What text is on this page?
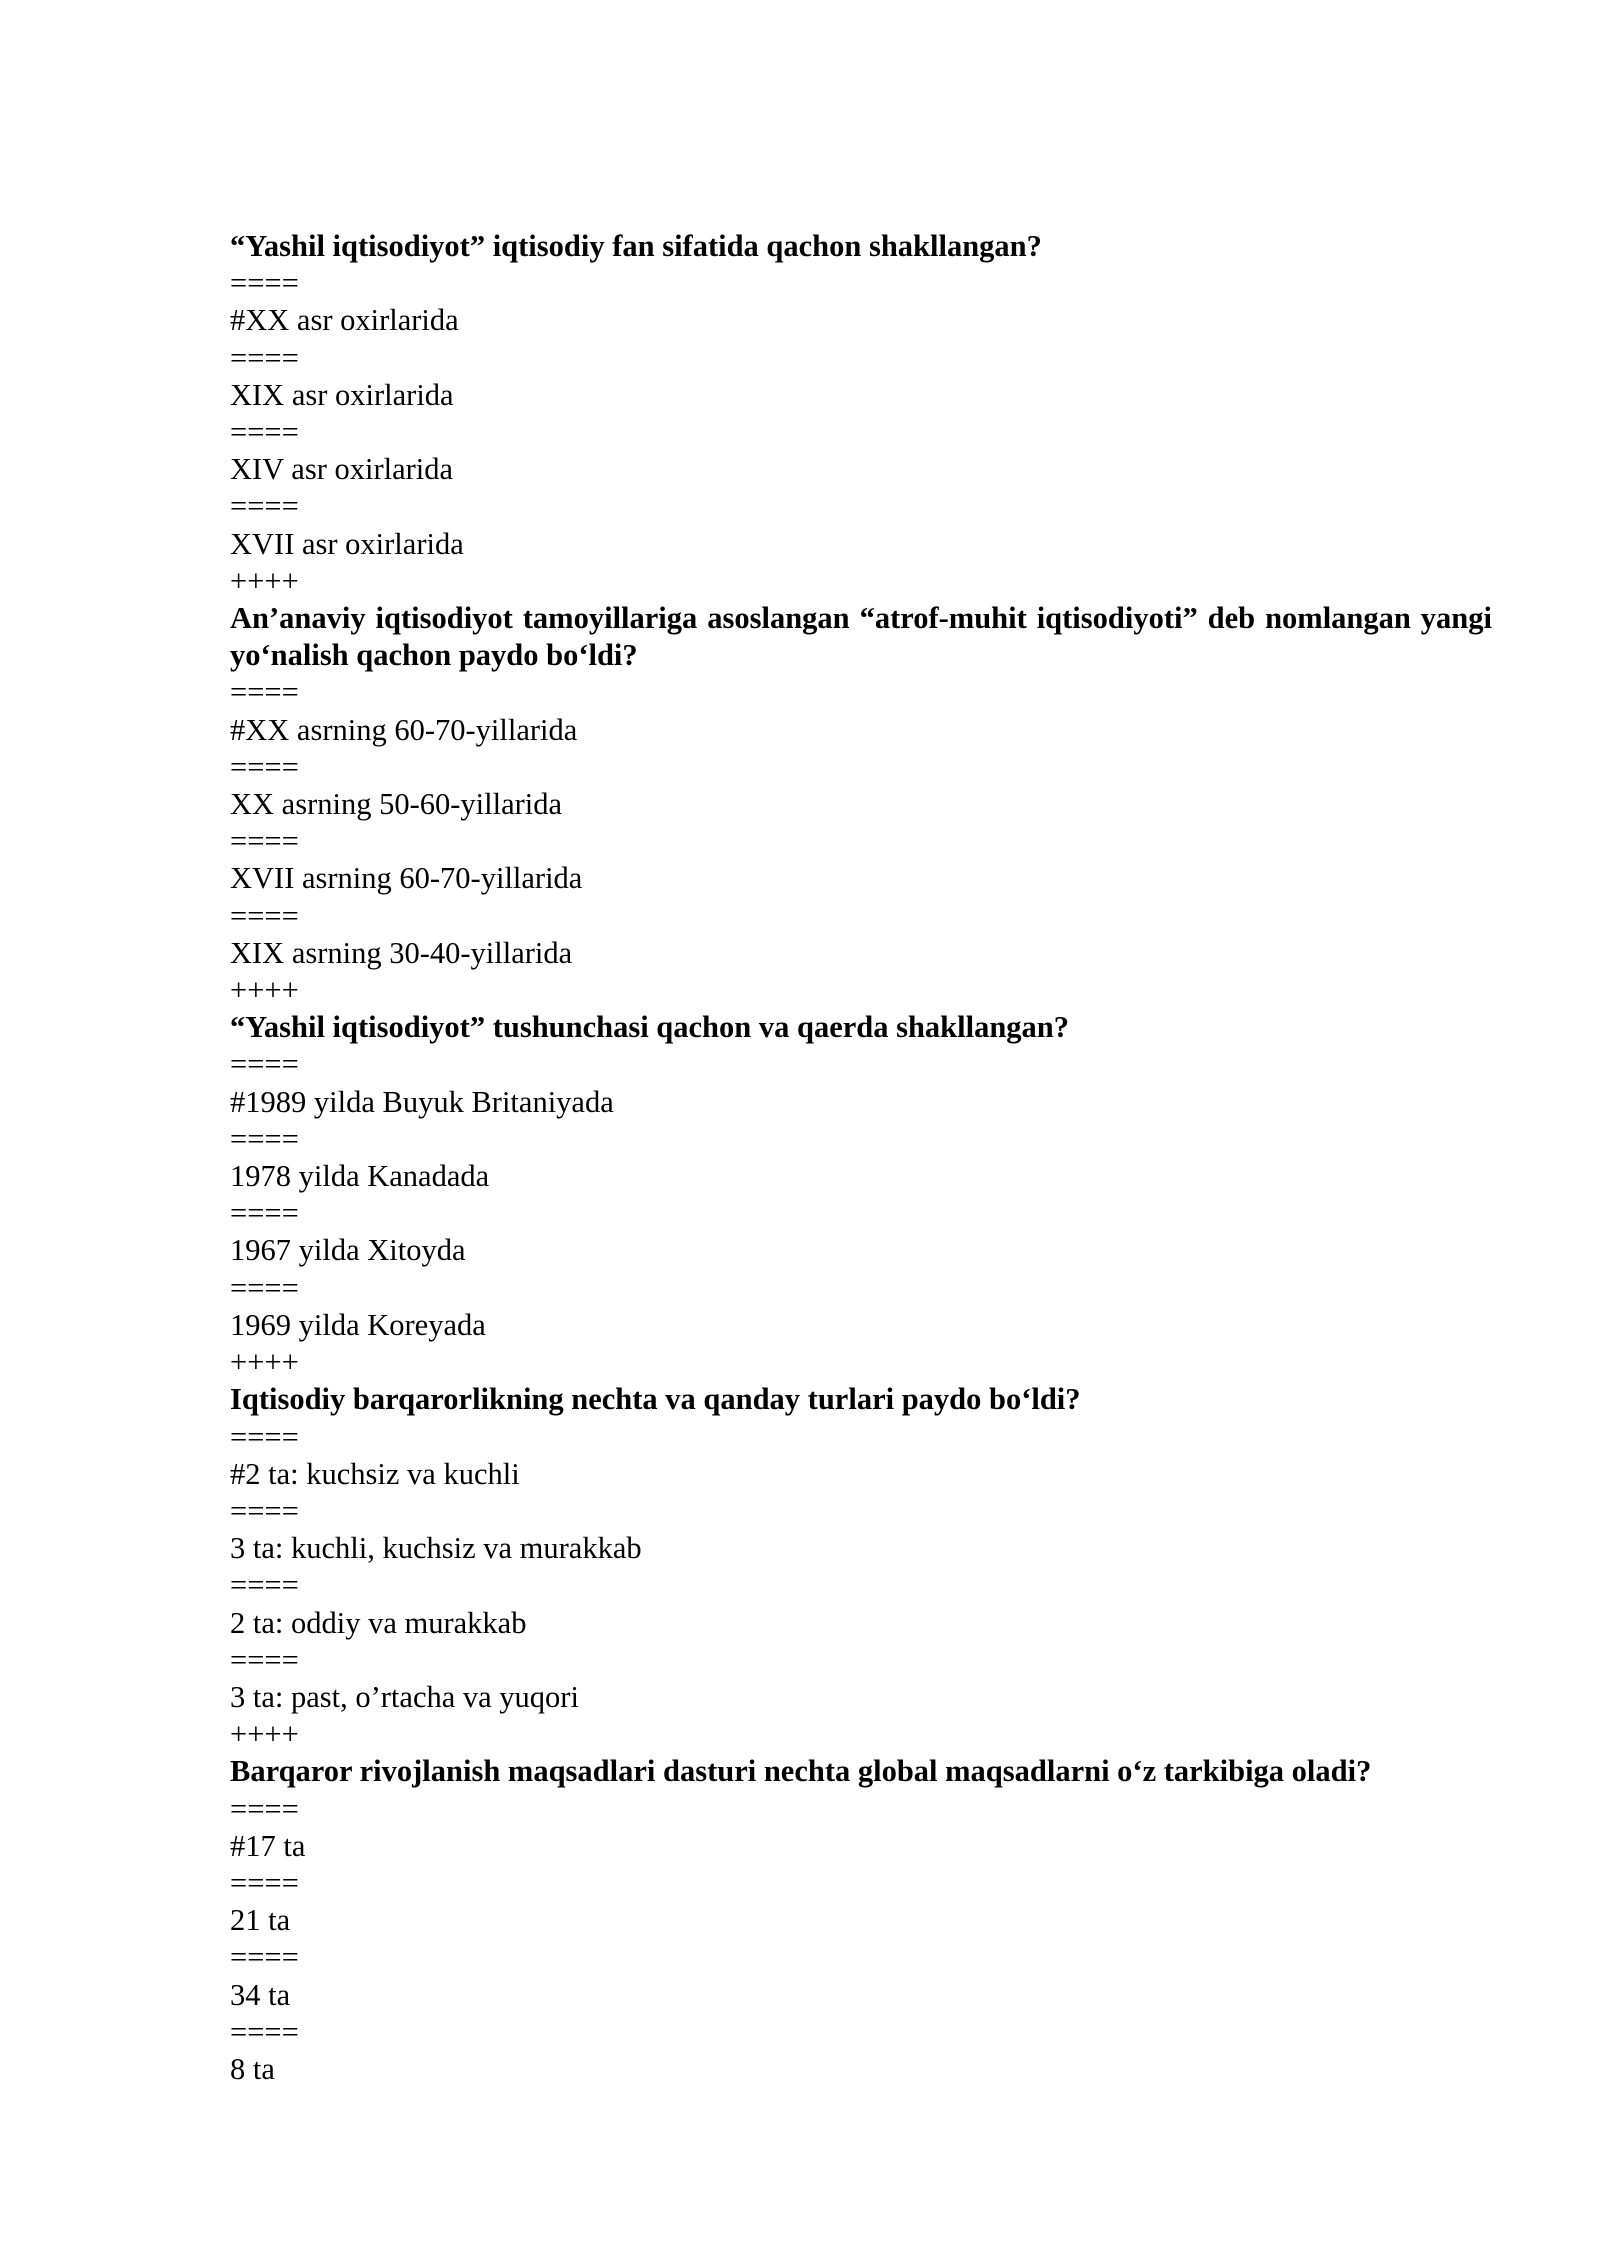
“Yashil iqtisodiyot” iqtisodiy fan sifatida qachon shakllangan?
====
#XX asr oxirlarida
====
XIX asr oxirlarida
====
XIV asr oxirlarida
====
XVII asr oxirlarida
++++
An’anaviy iqtisodiyot tamoyillariga asoslangan “atrof-muhit iqtisodiyoti” deb nomlangan yangi yo‘nalish qachon paydo bo‘ldi?
====
#XX asrning 60-70-yillarida
====
XX asrning 50-60-yillarida
====
XVII asrning 60-70-yillarida
====
XIX asrning 30-40-yillarida
++++
“Yashil iqtisodiyot” tushunchasi qachon va qaerda shakllangan?
====
#1989 yilda Buyuk Britaniyada
====
1978 yilda Kanadada
====
1967 yilda Xitoyda
====
1969 yilda Koreyada
++++
Iqtisodiy barqarorlikning nechta va qanday turlari paydo bo‘ldi?
====
#2 ta: kuchsiz va kuchli
====
3 ta: kuchli, kuchsiz va murakkab
====
2 ta: oddiy va murakkab
====
3 ta: past, o’rtacha va yuqori
++++
Barqaror rivojlanish maqsadlari dasturi nechta global maqsadlarni o‘z tarkibiga oladi?
====
#17 ta
====
21 ta
====
34 ta
====
8 ta
